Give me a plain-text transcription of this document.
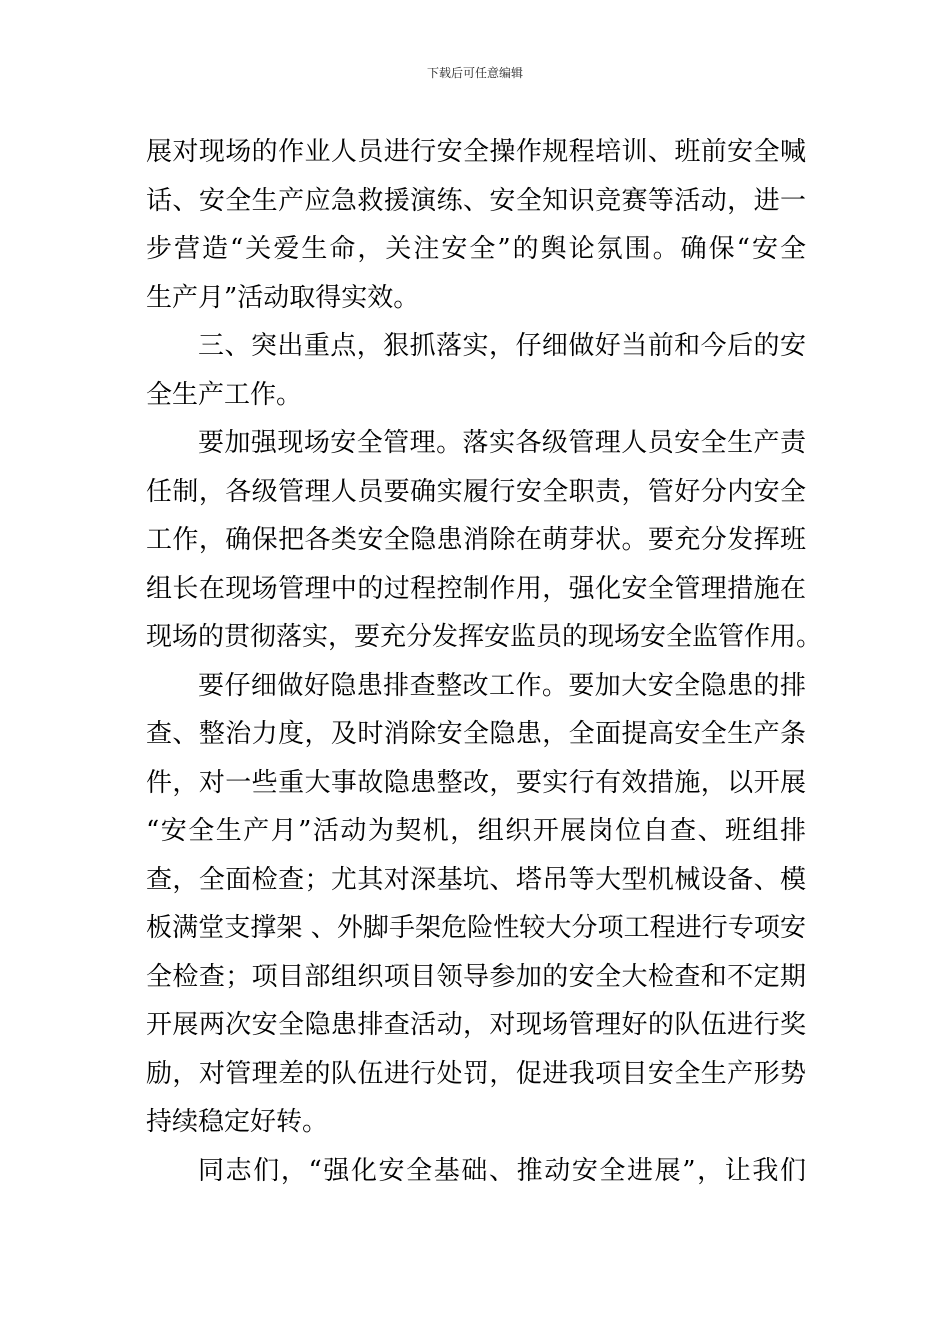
下载后可任意编辑
展对现场的作业人员进行安全操作规程培训、班前安全喊
话、安全生产应急救援演练、安全知识竞赛等活动，进一
步营造“关爱生命，关注安全”的舆论氛围。确保“安全
生产月”活动取得实效。
三、突出重点，狠抓落实，仔细做好当前和今后的安
全生产工作。
要加强现场安全管理。落实各级管理人员安全生产责
任制，各级管理人员要确实履行安全职责，管好分内安全
工作，确保把各类安全隐患消除在萌芽状。要充分发挥班
组长在现场管理中的过程控制作用，强化安全管理措施在
现场的贯彻落实，要充分发挥安监员的现场安全监管作用。
要仔细做好隐患排查整改工作。要加大安全隐患的排
查、整治力度，及时消除安全隐患，全面提高安全生产条
件，对一些重大事故隐患整改，要实行有效措施，以开展
“安全生产月”活动为契机，组织开展岗位自查、班组排
查，全面检查；尤其对深基坑、塔吊等大型机械设备、模
板满堂支撑架 、外脚手架危险性较大分项工程进行专项安
全检查；项目部组织项目领导参加的安全大检查和不定期
开展两次安全隐患排查活动，对现场管理好的队伍进行奖
励，对管理差的队伍进行处罚，促进我项目安全生产形势
持续稳定好转。
同志们，“强化安全基础、推动安全进展”，让我们
